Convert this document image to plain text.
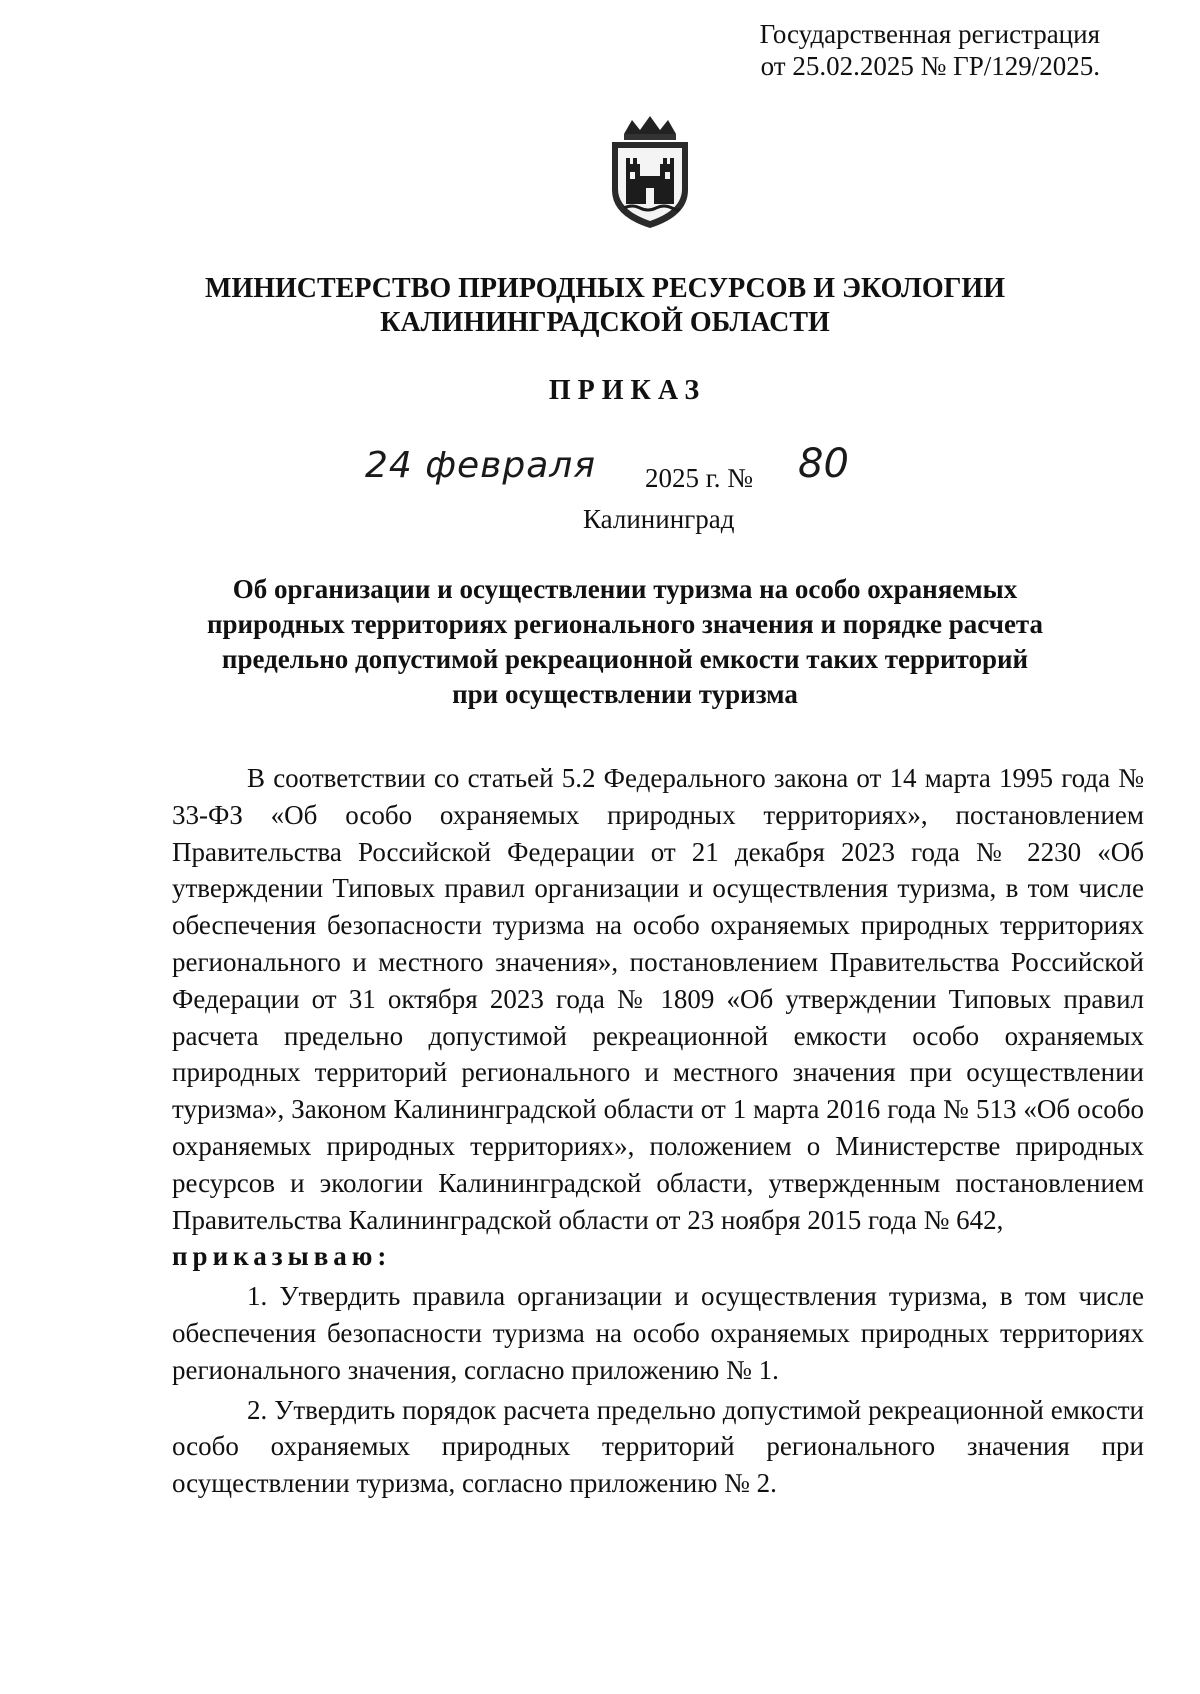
Государственная регистрация
от 25.02.2025 № ГР/129/2025.
МИНИСТЕРСТВО ПРИРОДНЫХ РЕСУРСОВ И ЭКОЛОГИИ
КАЛИНИНГРАДСКОЙ ОБЛАСТИ
ПРИКАЗ
24 февраля 2025 г. № 80
Калининград
Об организации и осуществлении туризма на особо охраняемых
природных территориях регионального значения и порядке расчета
предельно допустимой рекреационной емкости таких территорий
при осуществлении туризма

В соответствии со статьей 5.2 Федерального закона от 14 марта 1995 года № 33-ФЗ «Об особо охраняемых природных территориях», постановлением Правительства Российской Федерации от 21 декабря 2023 года № 2230 «Об утверждении Типовых правил организации и осуществления туризма, в том числе обеспечения безопасности туризма на особо охраняемых природных территориях регионального и местного значения», постановлением Правительства Российской Федерации от 31 октября 2023 года № 1809 «Об утверждении Типовых правил расчета предельно допустимой рекреационной емкости особо охраняемых природных территорий регионального и местного значения при осуществлении туризма», Законом Калининградской области от 1 марта 2016 года № 513 «Об особо охраняемых природных территориях», положением о Министерстве природных ресурсов и экологии Калининградской области, утвержденным постановлением Правительства Калининградской области от 23 ноября 2015 года № 642,

приказываю:

1. Утвердить правила организации и осуществления туризма, в том числе обеспечения безопасности туризма на особо охраняемых природных территориях регионального значения, согласно приложению № 1.

2. Утвердить порядок расчета предельно допустимой рекреационной емкости особо охраняемых природных территорий регионального значения при осуществлении туризма, согласно приложению № 2.
